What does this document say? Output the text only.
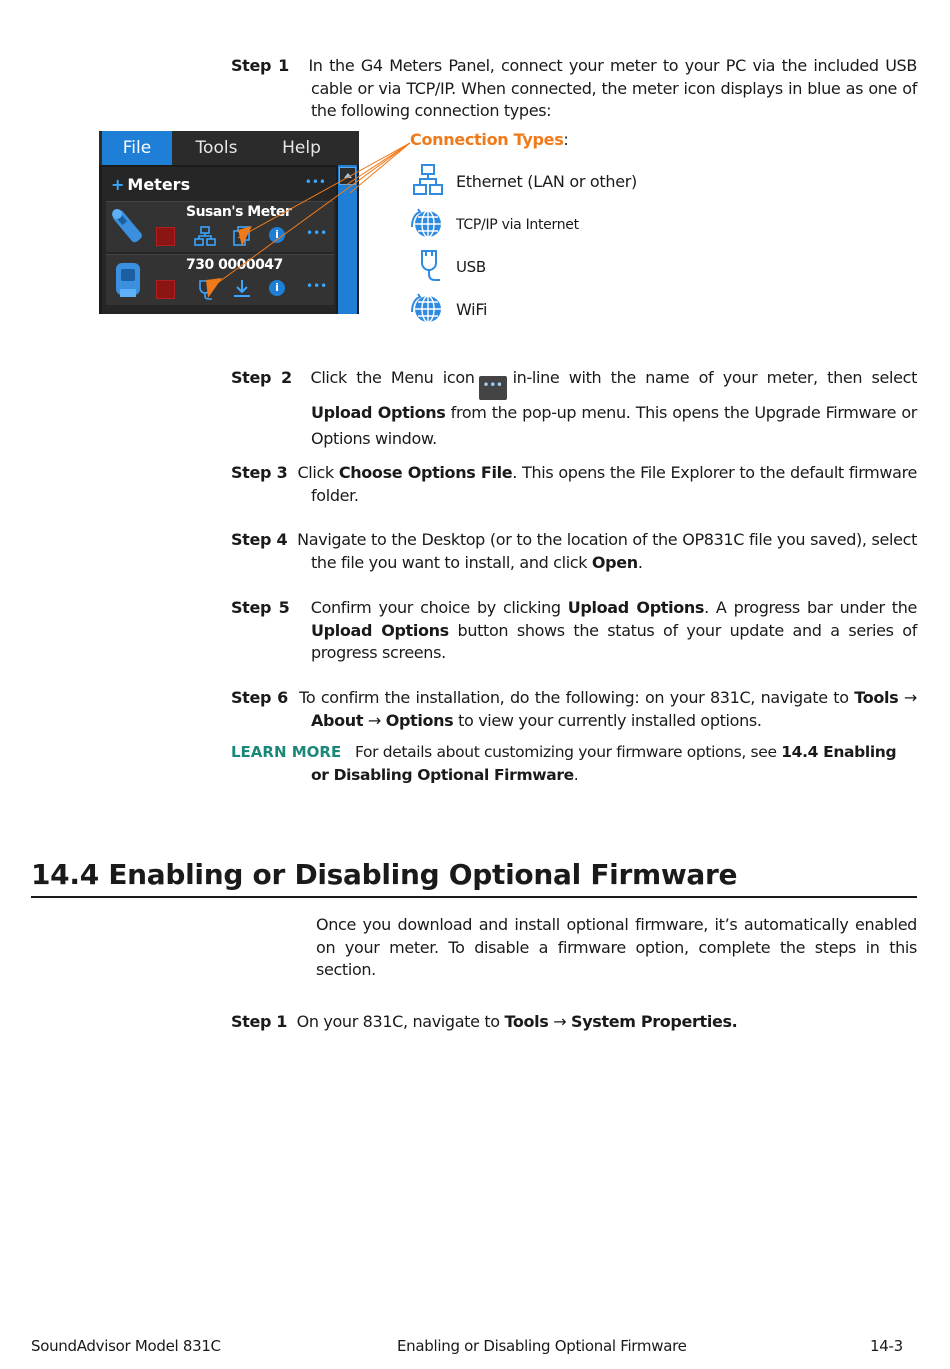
Step 1 In the G4 Meters Panel, connect your meter to your PC via the included USB cable or via TCP/IP. When connected, the meter icon displays in blue as one of the following connection types:

File	Tools	Help
+ Meters	•••
Susan's Meter
i	•••
730 0000047
i	•••
Connection Types:
Ethernet (LAN or other)
TCP/IP via Internet
USB
WiFi

Step 2 Click the Menu icon ••• in-line with the name of your meter, then select Upload Options from the pop-up menu. This opens the Upgrade Firmware or Options window.

Step 3 Click Choose Options File. This opens the File Explorer to the default firmware folder.

Step 4 Navigate to the Desktop (or to the location of the OP831C file you saved), select the file you want to install, and click Open.

Step 5 Confirm your choice by clicking Upload Options. A progress bar under the Upload Options button shows the status of your update and a series of progress screens.

Step 6 To confirm the installation, do the following: on your 831C, navigate to Tools → About → Options to view your currently installed options.

LEARN MORE For details about customizing your firmware options, see 14.4 Enabling or Disabling Optional Firmware.

14.4 Enabling or Disabling Optional Firmware

Once you download and install optional firmware, it’s automatically enabled on your meter. To disable a firmware option, complete the steps in this section.

Step 1 On your 831C, navigate to Tools → System Properties.

SoundAdvisor Model 831C	Enabling or Disabling Optional Firmware	14-3
